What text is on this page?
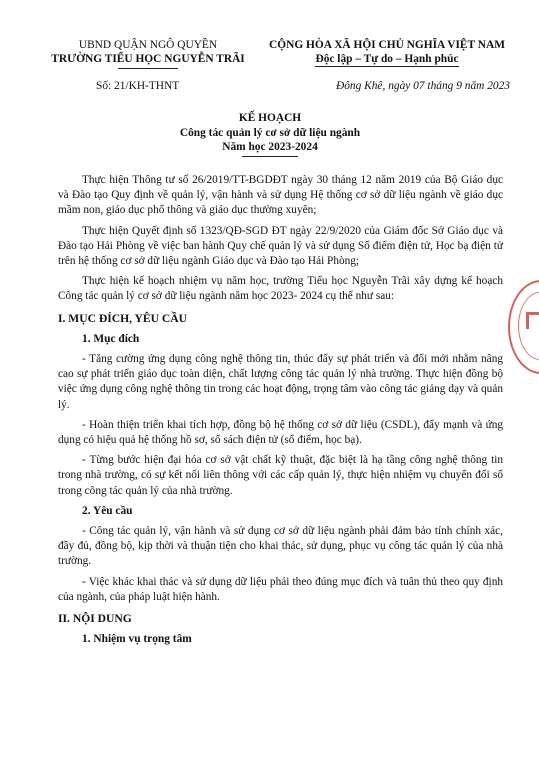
UBND QUẬN NGÔ QUYỀN
TRƯỜNG TIỂU HỌC NGUYỄN TRÃI
CỘNG HÒA XÃ HỘI CHỦ NGHĨA VIỆT NAM
Độc lập – Tự do – Hạnh phúc
Số: 21/KH-THNT	Đông Khê, ngày 07 tháng 9 năm 2023
KẾ HOẠCH
Công tác quản lý cơ sở dữ liệu ngành
Năm học 2023-2024

Thực hiện Thông tư số 26/2019/TT-BGDĐT ngày 30 tháng 12 năm 2019 của Bộ Giáo dục và Đào tạo Quy định về quản lý, vận hành và sử dụng Hệ thống cơ sở dữ liệu ngành về giáo dục mầm non, giáo dục phổ thông và giáo dục thường xuyên;

Thực hiện Quyết định số 1323/QĐ-SGD ĐT ngày 22/9/2020 của Giám đốc Sở Giáo dục và Đào tạo Hải Phòng về việc ban hành Quy chế quản lý và sử dụng Sổ điểm điện tử, Học bạ điện tử trên hệ thống cơ sở dữ liệu ngành Giáo dục và Đào tạo Hải Phòng;

Thực hiện kế hoạch nhiệm vụ năm học, trường Tiểu học Nguyễn Trãi xây dựng kế hoạch Công tác quản lý cơ sở dữ liệu ngành năm học 2023- 2024 cụ thể như sau:

I. MỤC ĐÍCH, YÊU CẦU
1. Mục đích

- Tăng cường ứng dụng công nghệ thông tin, thúc đẩy sự phát triển và đổi mới nhằm nâng cao sự phát triển giáo dục toàn diện, chất lượng công tác quản lý nhà trường. Thực hiện đồng bộ việc ứng dụng công nghệ thông tin trong các hoạt động, trọng tâm vào công tác giảng dạy và quản lý.

- Hoàn thiện triển khai tích hợp, đồng bộ hệ thống cơ sở dữ liệu (CSDL), đẩy mạnh và ứng dụng có hiệu quả hệ thống hồ sơ, sổ sách điện tử (sổ điểm, học bạ).

- Từng bước hiện đại hóa cơ sở vật chất kỹ thuật, đặc biệt là hạ tầng công nghệ thông tin trong nhà trường, có sự kết nối liên thông với các cấp quản lý, thực hiện nhiệm vụ chuyển đổi số trong công tác quản lý của nhà trường.

2. Yêu cầu

- Công tác quản lý, vận hành và sử dụng cơ sở dữ liệu ngành phải đảm bảo tính chính xác, đầy đủ, đồng bộ, kịp thời và thuận tiện cho khai thác, sử dụng, phục vụ công tác quản lý của nhà trường.

- Việc khác khai thác và sử dụng dữ liệu phải theo đúng mục đích và tuân thủ theo quy định của ngành, của pháp luật hiện hành.

II. NỘI DUNG
1. Nhiệm vụ trọng tâm
